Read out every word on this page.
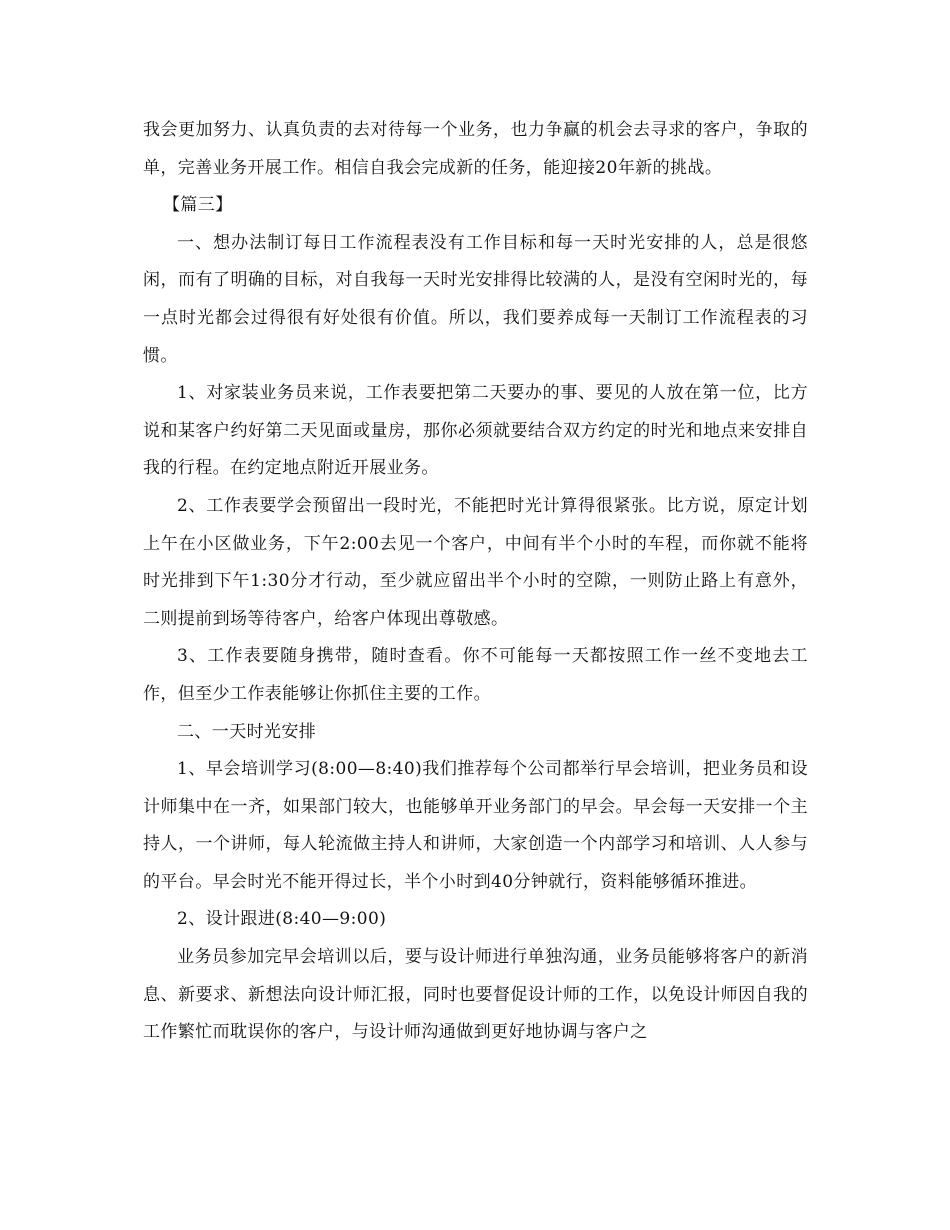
我会更加努力、认真负责的去对待每一个业务，也力争赢的机会去寻求的客户，争取的单，完善业务开展工作。相信自我会完成新的任务，能迎接20年新的挑战。

【篇三】

一、想办法制订每日工作流程表没有工作目标和每一天时光安排的人，总是很悠闲，而有了明确的目标，对自我每一天时光安排得比较满的人，是没有空闲时光的，每一点时光都会过得很有好处很有价值。所以，我们要养成每一天制订工作流程表的习惯。

1、对家装业务员来说，工作表要把第二天要办的事、要见的人放在第一位，比方说和某客户约好第二天见面或量房，那你必须就要结合双方约定的时光和地点来安排自我的行程。在约定地点附近开展业务。

2、工作表要学会预留出一段时光，不能把时光计算得很紧张。比方说，原定计划上午在小区做业务，下午2:00去见一个客户，中间有半个小时的车程，而你就不能将时光排到下午1:30分才行动，至少就应留出半个小时的空隙，一则防止路上有意外，二则提前到场等待客户，给客户体现出尊敬感。

3、工作表要随身携带，随时查看。你不可能每一天都按照工作一丝不变地去工作，但至少工作表能够让你抓住主要的工作。

二、一天时光安排

1、早会培训学习(8:00—8:40)我们推荐每个公司都举行早会培训，把业务员和设计师集中在一齐，如果部门较大，也能够单开业务部门的早会。早会每一天安排一个主持人，一个讲师，每人轮流做主持人和讲师，大家创造一个内部学习和培训、人人参与的平台。早会时光不能开得过长，半个小时到40分钟就行，资料能够循环推进。

2、设计跟进(8:40—9:00)

业务员参加完早会培训以后，要与设计师进行单独沟通，业务员能够将客户的新消息、新要求、新想法向设计师汇报，同时也要督促设计师的工作，以免设计师因自我的工作繁忙而耽误你的客户，与设计师沟通做到更好地协调与客户之
